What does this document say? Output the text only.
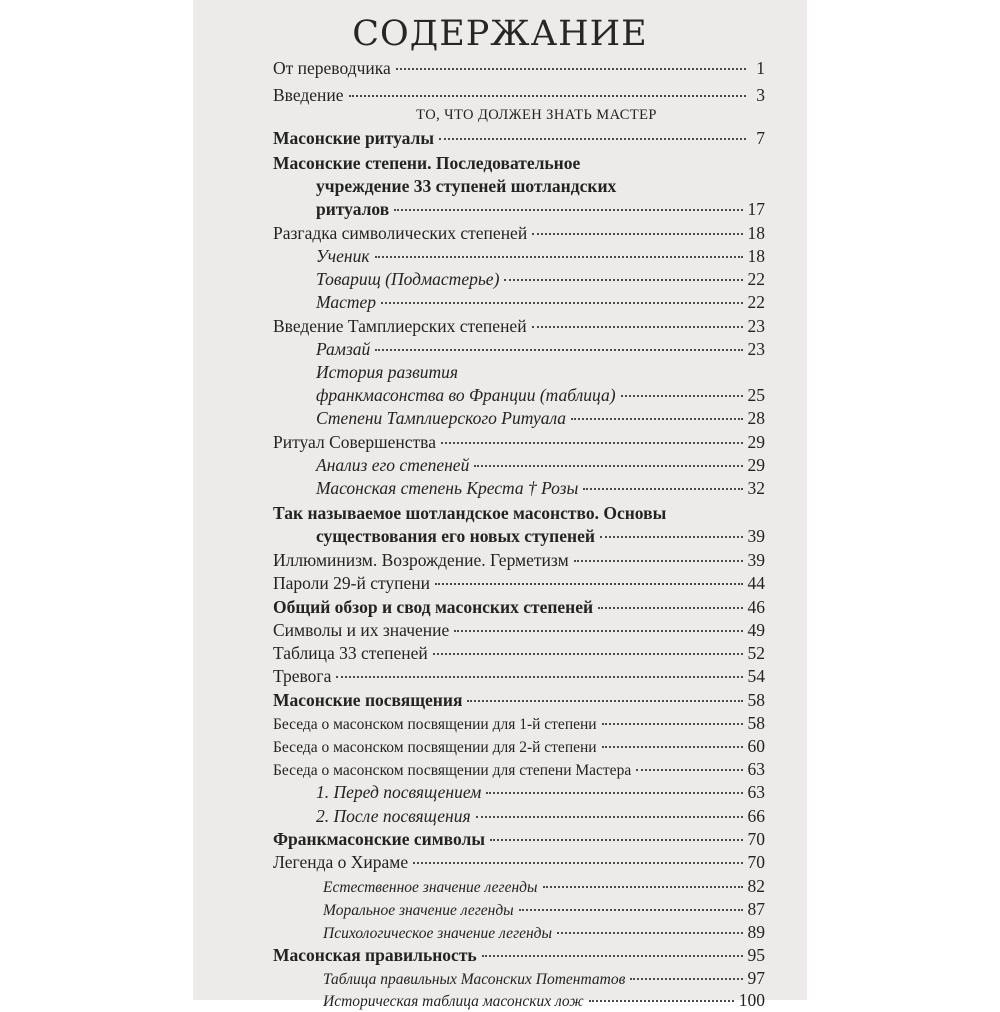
СОДЕРЖАНИЕ
От переводчика	1
Введение	3
ТО, ЧТО ДОЛЖЕН ЗНАТЬ МАСТЕР
Масонские ритуалы	7
Масонские степени. Последовательное
учреждение 33 ступеней шотландских
ритуалов	17
Разгадка символических степеней	18
Ученик	18
Товарищ (Подмастерье)	22
Мастер	22
Введение Тамплиерских степеней	23
Рамзай	23
История развития
франкмасонства во Франции (таблица)	25
Степени Тамплиерского Ритуала	28
Ритуал Совершенства	29
Анализ его степеней	29
Масонская степень Креста † Розы	32
Так называемое шотландское масонство. Основы
существования его новых ступеней	39
Иллюминизм. Возрождение. Герметизм	39
Пароли 29-й ступени	44
Общий обзор и свод масонских степеней	46
Символы и их значение	49
Таблица 33 степеней	52
Тревога	54
Масонские посвящения	58
Беседа о масонском посвящении для 1-й степени	58
Беседа о масонском посвящении для 2-й степени	60
Беседа о масонском посвящении для степени Мастера	63
1. Перед посвящением	63
2. После посвящения	66
Франкмасонские символы	70
Легенда о Хираме	70
Естественное значение легенды	82
Моральное значение легенды	87
Психологическое значение легенды	89
Масонская правильность	95
Таблица правильных Масонских Потентатов	97
Историческая таблица масонских лож	100
